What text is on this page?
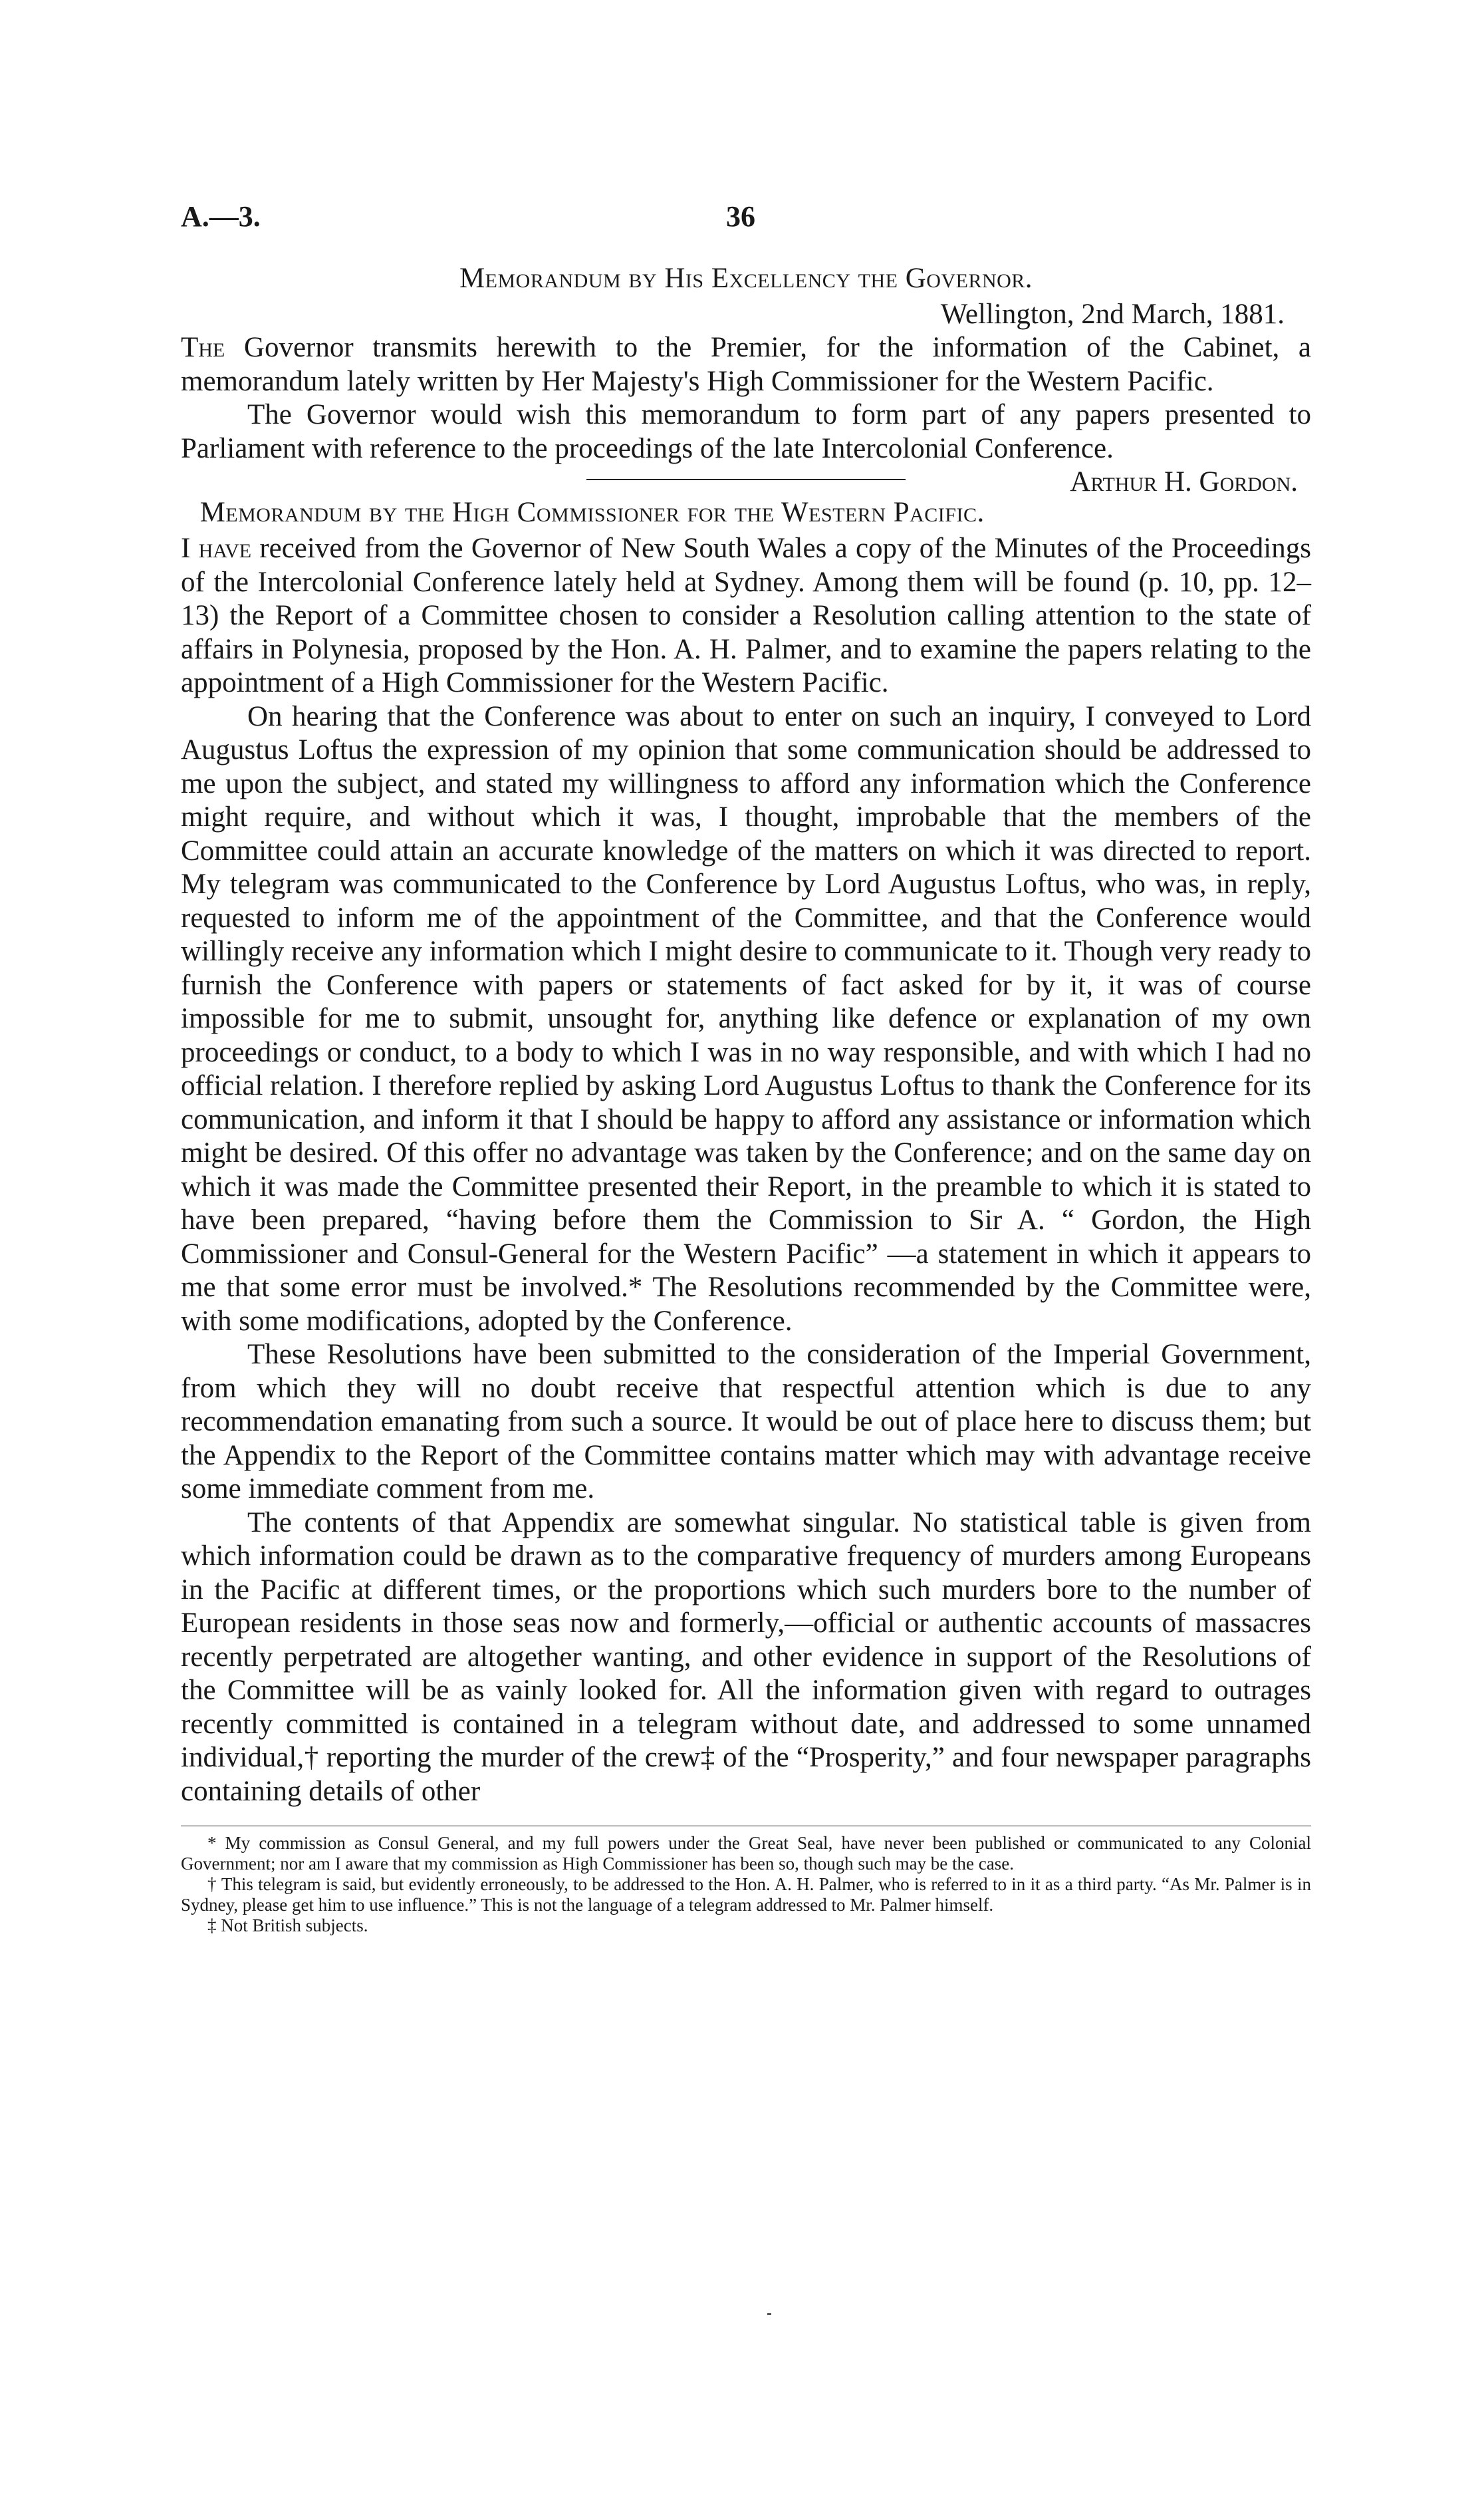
A.—3.	36
Memorandum by His Excellency the Governor.
Wellington, 2nd March, 1881.

The Governor transmits herewith to the Premier, for the information of the Cabinet, a memorandum lately written by Her Majesty's High Commissioner for the Western Pacific.

The Governor would wish this memorandum to form part of any papers presented to Parliament with reference to the proceedings of the late Intercolonial Conference.
Arthur H. Gordon.

Memorandum by the High Commissioner for the Western Pacific.

I have received from the Governor of New South Wales a copy of the Minutes of the Proceedings of the Intercolonial Conference lately held at Sydney. Among them will be found (p. 10, pp. 12–13) the Report of a Committee chosen to consider a Resolution calling attention to the state of affairs in Polynesia, proposed by the Hon. A. H. Palmer, and to examine the papers relating to the appointment of a High Commissioner for the Western Pacific.

On hearing that the Conference was about to enter on such an inquiry, I conveyed to Lord Augustus Loftus the expression of my opinion that some communication should be addressed to me upon the subject, and stated my willingness to afford any information which the Conference might require, and without which it was, I thought, improbable that the members of the Committee could attain an accurate knowledge of the matters on which it was directed to report. My telegram was communicated to the Conference by Lord Augustus Loftus, who was, in reply, requested to inform me of the appointment of the Committee, and that the Conference would willingly receive any information which I might desire to communicate to it. Though very ready to furnish the Conference with papers or statements of fact asked for by it, it was of course impossible for me to submit, unsought for, anything like defence or explanation of my own proceedings or conduct, to a body to which I was in no way responsible, and with which I had no official relation. I therefore replied by asking Lord Augustus Loftus to thank the Conference for its communication, and inform it that I should be happy to afford any assistance or information which might be desired. Of this offer no advantage was taken by the Conference; and on the same day on which it was made the Committee presented their Report, in the preamble to which it is stated to have been prepared, “having before them the Commission to Sir A. “ Gordon, the High Commissioner and Consul-General for the Western Pacific” —a statement in which it appears to me that some error must be involved.* The Resolutions recommended by the Committee were, with some modifications, adopted by the Conference.

These Resolutions have been submitted to the consideration of the Imperial Government, from which they will no doubt receive that respectful attention which is due to any recommendation emanating from such a source. It would be out of place here to discuss them; but the Appendix to the Report of the Committee contains matter which may with advantage receive some immediate comment from me.

The contents of that Appendix are somewhat singular. No statistical table is given from which information could be drawn as to the comparative frequency of murders among Europeans in the Pacific at different times, or the proportions which such murders bore to the number of European residents in those seas now and formerly,—official or authentic accounts of massacres recently perpetrated are altogether wanting, and other evidence in support of the Resolutions of the Committee will be as vainly looked for. All the information given with regard to outrages recently committed is contained in a telegram without date, and addressed to some unnamed individual,† reporting the murder of the crew‡ of the “Prosperity,” and four newspaper paragraphs containing details of other

* My commission as Consul General, and my full powers under the Great Seal, have never been published or communicated to any Colonial Government; nor am I aware that my commission as High Commissioner has been so, though such may be the case.

† This telegram is said, but evidently erroneously, to be addressed to the Hon. A. H. Palmer, who is referred to in it as a third party. “As Mr. Palmer is in Sydney, please get him to use influence.” This is not the language of a telegram addressed to Mr. Palmer himself.

‡ Not British subjects.
